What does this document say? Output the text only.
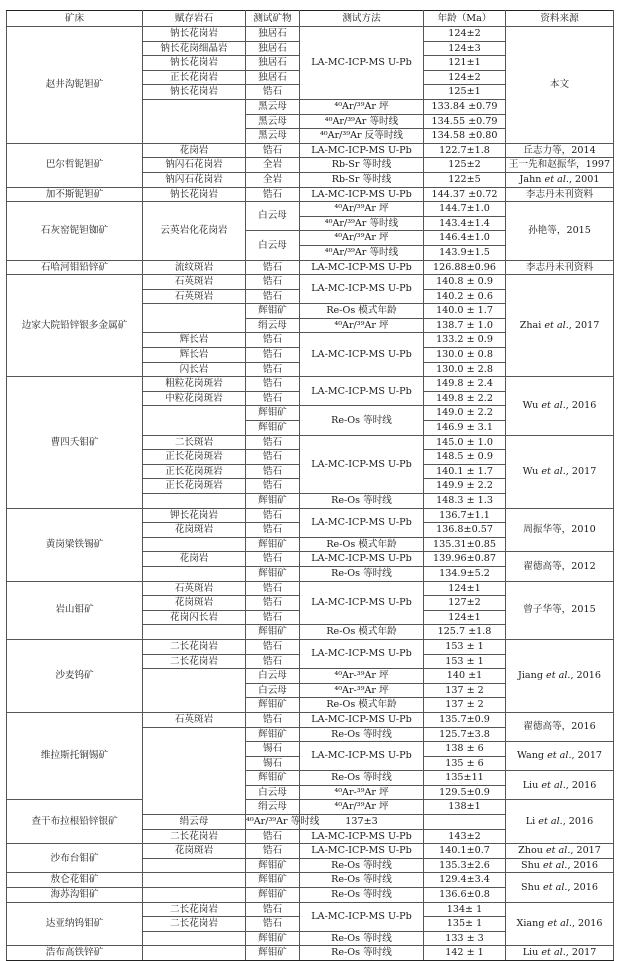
矿床	赋存岩石	测试矿物	测试方法	年龄（Ma）	资料来源
赵井沟铌钽矿	钠长花岗岩	独居石	LA-MC-ICP-MS U-Pb	124±2	本文
	钠长花岗细晶岩	独居石		124±3	
	钠长花岗岩	独居石		121±1	
	正长花岗岩	独居石		124±2	
	钠长花岗岩	锆石		125±1	
		黑云母	⁴⁰Ar/³⁹Ar 坪	133.84 ±0.79	
		黑云母	⁴⁰Ar/³⁹Ar 等时线	134.55 ±0.79	
		黑云母	⁴⁰Ar/³⁹Ar 反等时线	134.58 ±0.80	
巴尔哲铌钽矿	花岗岩	锆石	LA-MC-ICP-MS U-Pb	122.7±1.8	丘志力等，2014
	钠闪石花岗岩	全岩	Rb-Sr 等时线	125±2	王一先和赵振华，1997
	钠闪石花岗岩	全岩	Rb-Sr 等时线	122±5	Jahn et al., 2001
加不斯铌钽矿	钠长花岗岩	锆石	LA-MC-ICP-MS U-Pb	144.37 ±0.72	李志丹未刊资料
石灰窑铌钽铷矿	云英岩化花岗岩	白云母	⁴⁰Ar/³⁹Ar 坪	144.7±1.0	孙艳等，2015
			⁴⁰Ar/³⁹Ar 等时线	143.4±1.4	
		白云母	⁴⁰Ar/³⁹Ar 坪	146.4±1.0	
			⁴⁰Ar/³⁹Ar 等时线	143.9±1.5	
石哈河钼铅锌矿	流纹斑岩	锆石	LA-MC-ICP-MS U-Pb	126.88±0.96	李志丹未刊资料
边家大院铅锌银多金属矿	石英斑岩	锆石	LA-MC-ICP-MS U-Pb	140.8 ± 0.9	Zhai et al., 2017
	石英斑岩	锆石		140.2 ± 0.6	
		辉钼矿	Re-Os 模式年龄	140.0 ± 1.7	
		绢云母	⁴⁰Ar/³⁹Ar 坪	138.7 ± 1.0	
	辉长岩	锆石	LA-MC-ICP-MS U-Pb	133.2 ± 0.9	
	辉长岩	锆石		130.0 ± 0.8	
	闪长岩	锆石		130.0 ± 2.8	
曹四夭钼矿	粗粒花岗斑岩	锆石	LA-MC-ICP-MS U-Pb	149.8 ± 2.4	Wu et al., 2016
	中粒花岗斑岩	锆石		149.8 ± 2.2	
		辉钼矿	Re-Os 等时线	149.0 ± 2.2	
		辉钼矿		146.9 ± 3.1	
	二长斑岩	锆石	LA-MC-ICP-MS U-Pb	145.0 ± 1.0	Wu et al., 2017
	正长花岗斑岩	锆石		148.5 ± 0.9	
	正长花岗斑岩	锆石		140.1 ± 1.7	
	正长花岗斑岩	锆石		149.9 ± 2.2	
		辉钼矿	Re-Os 等时线	148.3 ± 1.3	
黄岗梁铁锡矿	钾长花岗岩	锆石	LA-MC-ICP-MS U-Pb	136.7±1.1	周振华等，2010
	花岗斑岩	锆石		136.8±0.57	
		辉钼矿	Re-Os 模式年龄	135.31±0.85	
	花岗岩	锆石	LA-MC-ICP-MS U-Pb	139.96±0.87	翟德高等，2012
		辉钼矿	Re-Os 等时线	134.9±5.2	
岩山钼矿	石英斑岩	锆石	LA-MC-ICP-MS U-Pb	124±1	曾子华等，2015
	花岗斑岩	锆石		127±2	
	花岗闪长岩	锆石		124±1	
		辉钼矿	Re-Os 模式年龄	125.7 ±1.8	
沙麦钨矿	二长花岗岩	锆石	LA-MC-ICP-MS U-Pb	153 ± 1	Jiang et al., 2016
	二长花岗岩	锆石		153 ± 1	
		白云母	⁴⁰Ar-³⁹Ar 坪	140 ±1	
		白云母	⁴⁰Ar-³⁹Ar 坪	137 ± 2	
		辉钼矿	Re-Os 模式年龄	137 ± 2	
维拉斯托铜锡矿	石英斑岩	锆石	LA-MC-ICP-MS U-Pb	135.7±0.9	翟德高等，2016
		辉钼矿	Re-Os 等时线	125.7±3.8	
		锡石	LA-MC-ICP-MS U-Pb	138 ± 6	Wang et al., 2017
		锡石		135 ± 6	
		辉钼矿	Re-Os 等时线	135±11	Liu et al., 2016
		白云母	⁴⁰Ar-³⁹Ar 坪	129.5±0.9	
查干布拉根铅锌银矿		绢云母	⁴⁰Ar/³⁹Ar 坪	138±1	Li et al., 2016
	绢云母	⁴⁰Ar/³⁹Ar 等时线	137±3		
	二长花岗岩	锆石	LA-MC-ICP-MS U-Pb	143±2	
沙布台钼矿	花岗斑岩	锆石	LA-MC-ICP-MS U-Pb	140.1±0.7	Zhou et al., 2017
		辉钼矿	Re-Os 等时线	135.3±2.6	Shu et al., 2016
敖仑花钼矿		辉钼矿	Re-Os 等时线	129.4±3.4	Shu et al., 2016
海苏沟钼矿		辉钼矿	Re-Os 等时线	136.6±0.8	
达亚纳钨钼矿	二长花岗岩	锆石	LA-MC-ICP-MS U-Pb	134± 1	Xiang et al., 2016
	二长花岗岩	锆石		135± 1	
		辉钼矿	Re-Os 等时线	133 ± 3	
浩布高铁锌矿		辉钼矿	Re-Os 等时线	142 ± 1	Liu et al., 2017
